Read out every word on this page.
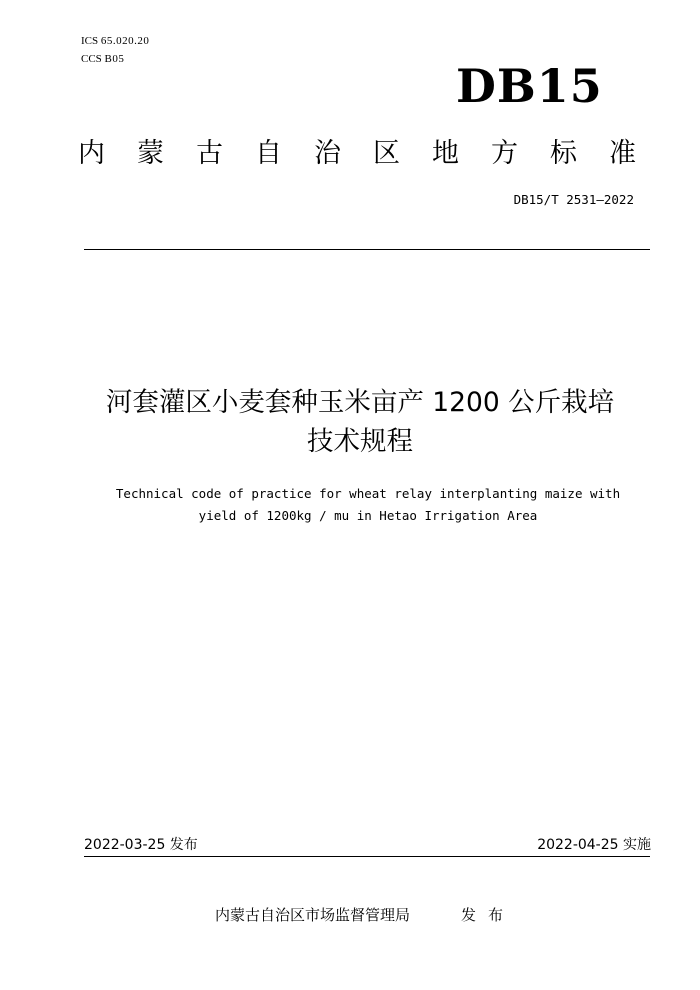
ICS 65.020.20
CCS B05	DB15
内蒙古自治区地方标准
DB15/T 2531—2022
河套灌区小麦套种玉米亩产 1200 公斤栽培
技术规程
Technical code of practice for wheat relay interplanting maize with
yield of 1200kg / mu in Hetao Irrigation Area
2022-03-25 发布	2022-04-25 实施
内蒙古自治区市场监督管理局	发布
